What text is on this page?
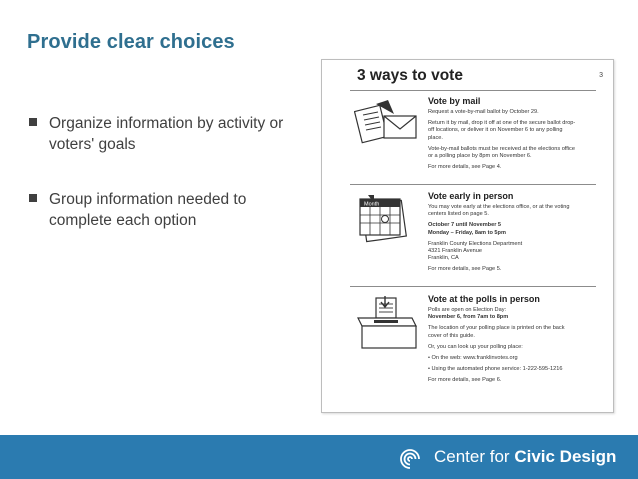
Provide clear choices
Organize information by activity or voters' goals
Group information needed to complete each option
3 ways to vote	3
Vote by mail
Request a vote-by-mail ballot by October 29.
Return it by mail, drop it off at one of the secure ballot drop-
off locations, or deliver it on November 6 to any polling
place.
Vote-by-mail ballots must be received at the elections office
or a polling place by 8pm on November 6.
For more details, see Page 4.
Month
Vote early in person
You may vote early at the elections office, or at the voting
centers listed on page 5.
October 7 until November 5
Monday – Friday, 8am to 5pm
Franklin County Elections Department
4321 Franklin Avenue
Franklin, CA
For more details, see Page 5.
Vote at the polls in person
Polls are open on Election Day:
November 6, from 7am to 8pm
The location of your polling place is printed on the back
cover of this guide.
Or, you can look up your polling place:
• On the web: www.franklinvotes.org
• Using the automated phone service: 1-222-595-1216
For more details, see Page 6.
Center for Civic Design
